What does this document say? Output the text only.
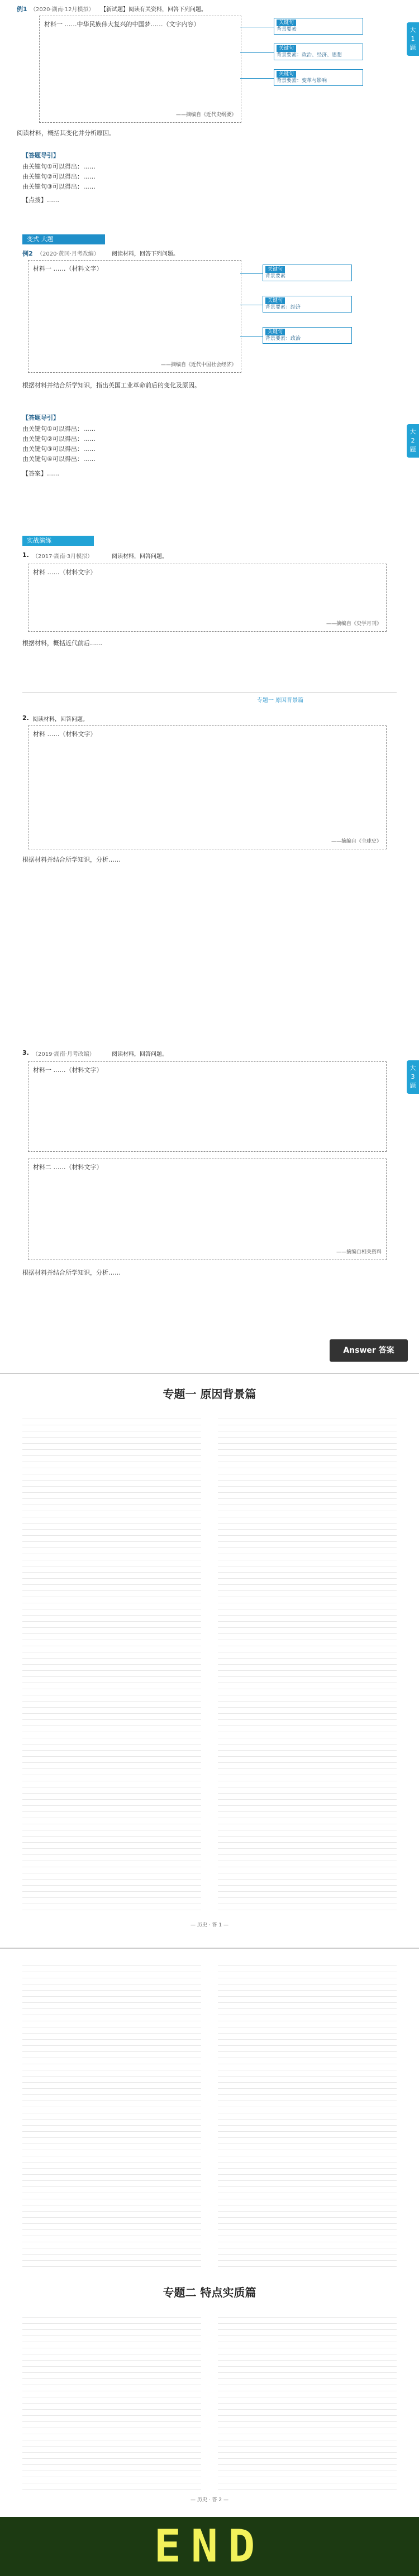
例1 （2020·湖南·12月模拟） 【新试题】阅读有关资料，回答下列问题。
材料一 ……中华民族伟大复兴的中国梦……（文字内容）
——摘编自《近代史纲要》
关键句
背景要素
关键句
背景要素：政治、经济、思想
关键句
背景要素：变革与影响
阅读材料，概括其变化并分析原因。
大
1
题
【答题导引】
由关键句①可以得出：……
由关键句②可以得出：……
由关键句③可以得出：……
【点拨】……
变式 大题
例2 （2020·黄冈·月考改编） 阅读材料，回答下列问题。
材料一 ……（材料文字）
——摘编自《近代中国社会经济》
关键句
背景要素
关键句
背景要素：经济
关键句
背景要素：政治
根据材料并结合所学知识，指出英国工业革命前后的变化及原因。
【答题导引】
由关键句①可以得出：……
由关键句②可以得出：……
由关键句③可以得出：……
由关键句④可以得出：……
【答案】……
大
2
题
实战演练
1. （2017·湖南·3月模拟）	阅读材料，回答问题。
材料 ……（材料文字）
——摘编自《史学月刊》
根据材料，概括近代前后……
专题一 原因背景篇
2. 阅读材料，回答问题。
材料 ……（材料文字）
——摘编自《全球史》
根据材料并结合所学知识，分析……
3. （2019·湖南·月考改编）	阅读材料，回答问题。
材料一 ……（材料文字）
材料二 ……（材料文字）
——摘编自相关资料
根据材料并结合所学知识，分析……
大
3
题
Answer 答案
专题一 原因背景篇
— 历史 · 答 1 —
专题二 特点实质篇
— 历史 · 答 2 —
END
